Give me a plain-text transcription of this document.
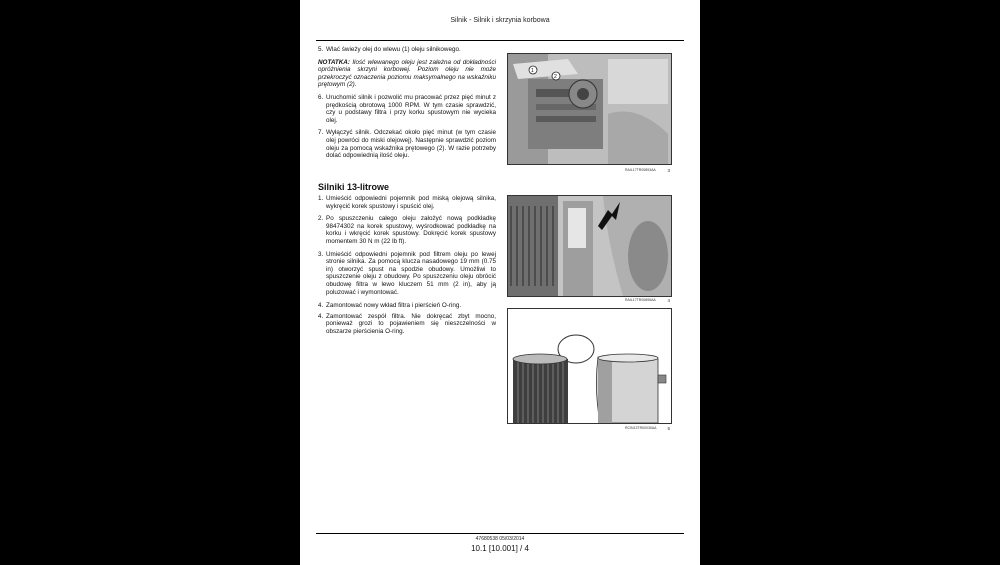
Silnik - Silnik i skrzynia korbowa
5. Wlać świeży olej do wlewu (1) oleju silnikowego.
NOTATKA: Ilość wlewanego oleju jest zależna od dokładności opróżnienia skrzyni korbowej. Poziom oleju nie może przekroczyć oznaczenia poziomu maksymalnego na wskaźniku prętowym (2).
6. Uruchomić silnik i pozwolić mu pracować przez pięć minut z prędkością obrotową 1000 RPM. W tym czasie sprawdzić, czy u podstawy filtra i przy korku spustowym nie wycieka olej.
7. Wyłączyć silnik. Odczekać około pięć minut (w tym czasie olej powróci do miski olejowej). Następnie sprawdzić poziom oleju za pomocą wskaźnika prętowego (2). W razie potrzeby dolać odpowiednią ilość oleju.
Silniki 13-litrowe
1. Umieścić odpowiedni pojemnik pod miską olejową silnika, wykręcić korek spustowy i spuścić olej.
2. Po spuszczeniu całego oleju założyć nową podkładkę 98474302 na korek spustowy, wyśrodkować podkładkę na korku i wkręcić korek spustowy. Dokręcić korek spustowy momentem 30 N m (22 lb ft).
3. Umieścić odpowiedni pojemnik pod filtrem oleju po lewej stronie silnika. Za pomocą klucza nasadowego 19 mm (0.75 in) otworzyć spust na spodzie obudowy. Umożliwi to spuszczenie oleju z obudowy. Po spuszczeniu oleju obrócić obudowę filtra w lewo kluczem 51 mm (2 in), aby ją poluzować i wymontować.
4. Zamontować nowy wkład filtra i pierścień O-ring.
4. Zamontować zespół filtra. Nie dokręcać zbyt mocno, ponieważ grozi to pojawieniem się nieszczelności w obszarze pierścienia O-ring.
2
1
RAIL17TR00893AA	3
RAIL17TR00895AA	4
RCIN13TR00030AA 5
47680538 05/03/2014
10.1 [10.001] / 4
